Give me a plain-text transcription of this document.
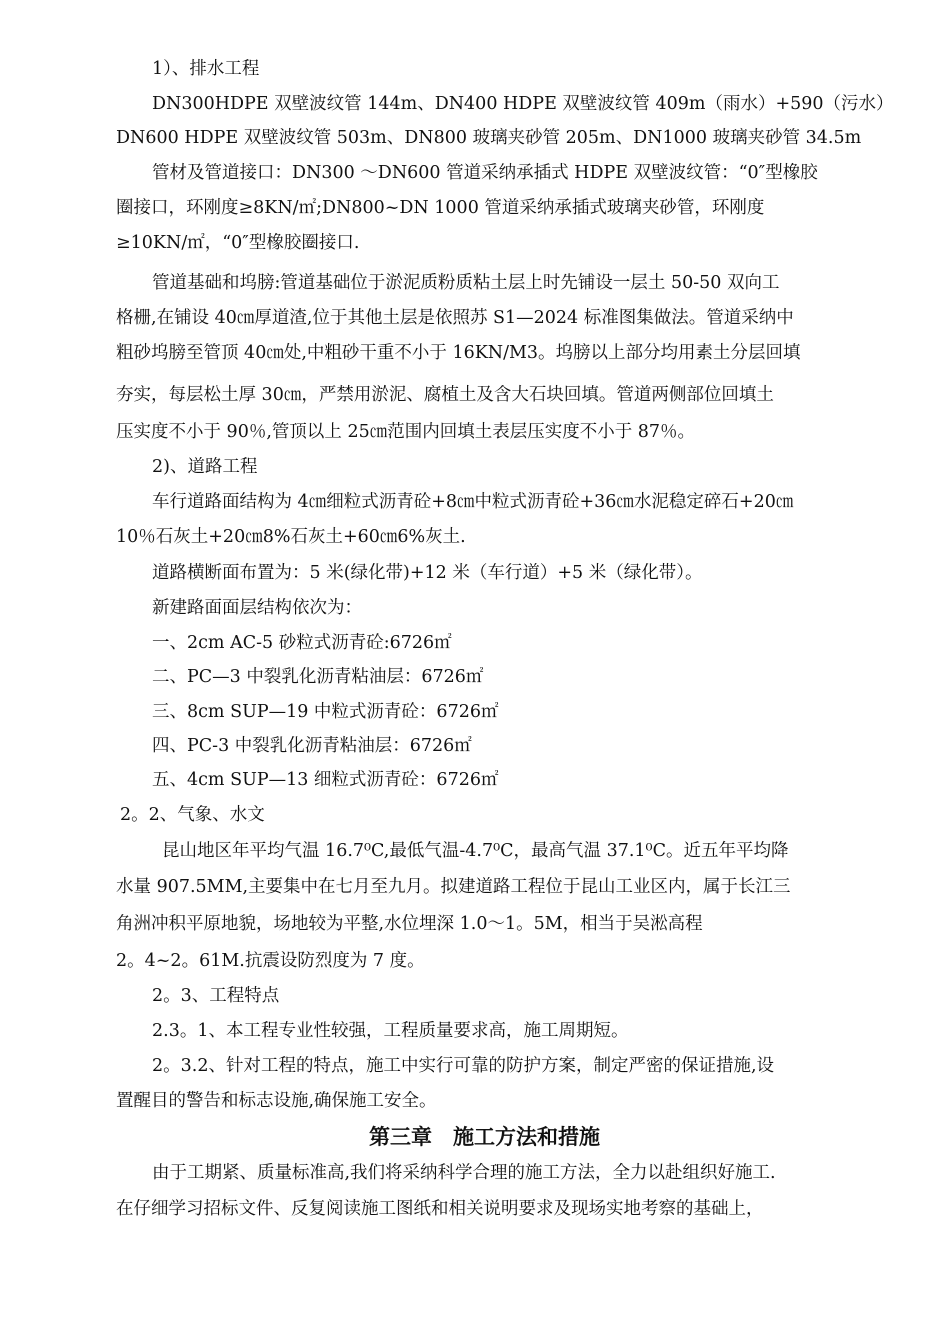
1）、排水工程
DN300HDPE 双壁波纹管 144m、DN400 HDPE 双壁波纹管 409m（雨水）+590（污水）
DN600 HDPE 双壁波纹管 503m、DN800 玻璃夹砂管 205m、DN1000 玻璃夹砂管 34.5m
管材及管道接口：DN300 ～DN600 管道采纳承插式 HDPE 双壁波纹管：“0″型橡胶
圈接口，环刚度≥8KN/㎡;DN800~DN 1000 管道采纳承插式玻璃夹砂管，环刚度
≥10KN/㎡，“0″型橡胶圈接口.
管道基础和坞膀:管道基础位于淤泥质粉质粘土层上时先铺设一层土 50-50 双向工
格栅,在铺设 40㎝厚道渣,位于其他土层是依照苏 S1—2024 标准图集做法。管道采纳中
粗砂坞膀至管顶 40㎝处,中粗砂干重不小于 16KN/M3。坞膀以上部分均用素土分层回填
夯实，每层松土厚 30㎝，严禁用淤泥、腐植土及含大石块回填。管道两侧部位回填土
压实度不小于 90％,管顶以上 25㎝范围内回填土表层压实度不小于 87％。
2)、道路工程
车行道路面结构为 4㎝细粒式沥青砼+8㎝中粒式沥青砼+36㎝水泥稳定碎石+20㎝
10％石灰土+20㎝8%石灰土+60㎝6%灰土.
道路横断面布置为：5 米(绿化带)+12 米（车行道）+5 米（绿化带）。
新建路面面层结构依次为：
一、2cm AC-5 砂粒式沥青砼:6726㎡
二、PC—3 中裂乳化沥青粘油层：6726㎡
三、8cm SUP—19 中粒式沥青砼：6726㎡
四、PC-3 中裂乳化沥青粘油层：6726㎡
五、4cm SUP—13 细粒式沥青砼：6726㎡
2。2、气象、水文
昆山地区年平均气温 16.7⁰C,最低气温-4.7⁰C，最高气温 37.1⁰C。近五年平均降
水量 907.5MM,主要集中在七月至九月。拟建道路工程位于昆山工业区内，属于长江三
角洲冲积平原地貌，场地较为平整,水位埋深 1.0～1。5M，相当于吴淞高程
2。4~2。61M.抗震设防烈度为 7 度。
2。3、工程特点
2.3。1、本工程专业性较强，工程质量要求高，施工周期短。
2。3.2、针对工程的特点，施工中实行可靠的防护方案，制定严密的保证措施,设
置醒目的警告和标志设施,确保施工安全。
第三章　施工方法和措施
由于工期紧、质量标准高,我们将采纳科学合理的施工方法，全力以赴组织好施工.
在仔细学习招标文件、反复阅读施工图纸和相关说明要求及现场实地考察的基础上，
